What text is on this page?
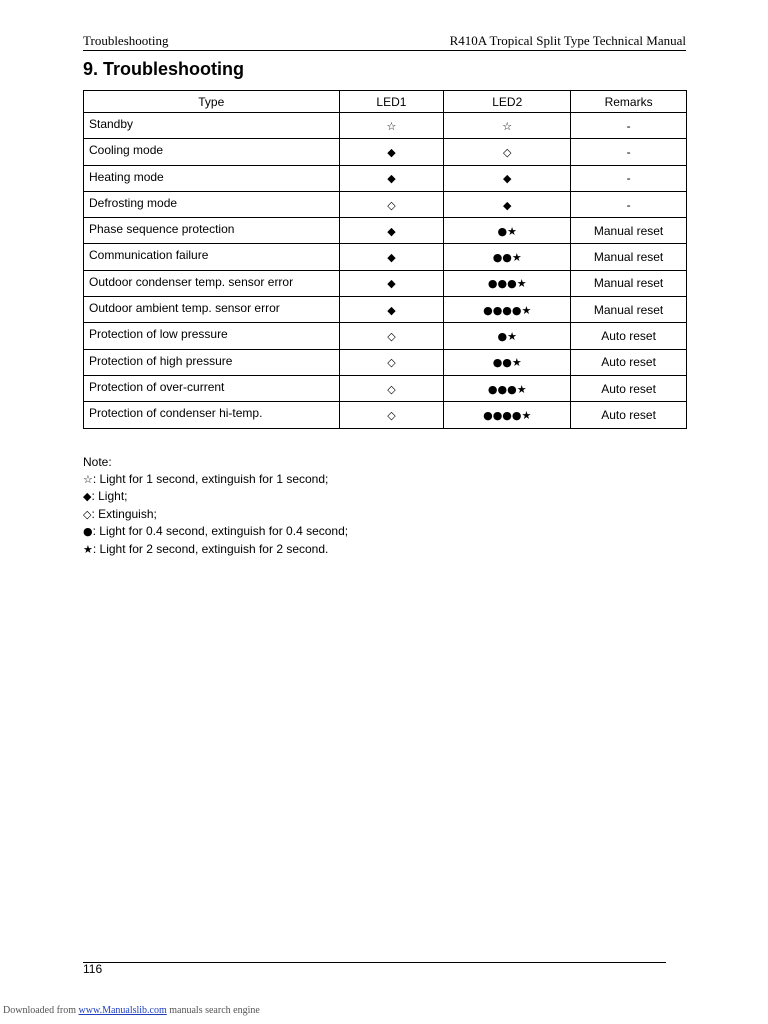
Troubleshooting	R410A Tropical Split Type Technical Manual
9. Troubleshooting
Type	LED1	LED2	Remarks
Standby	☆	☆	-
Cooling mode	◆	◇	-
Heating mode	◆	◆	-
Defrosting mode	◇	◆	-
Phase sequence protection	◆	●★	Manual reset
Communication failure	◆	●●★	Manual reset
Outdoor condenser temp. sensor error	◆	●●●★	Manual reset
Outdoor ambient temp. sensor error	◆	●●●●★	Manual reset
Protection of low pressure	◇	●★	Auto reset
Protection of high pressure	◇	●●★	Auto reset
Protection of over-current	◇	●●●★	Auto reset
Protection of condenser hi-temp.	◇	●●●●★	Auto reset
Note:
☆: Light for 1 second, extinguish for 1 second;
◆: Light;
◇: Extinguish;
●: Light for 0.4 second, extinguish for 0.4 second;
★: Light for 2 second, extinguish for 2 second.
116
Downloaded from www.Manualslib.com manuals search engine
